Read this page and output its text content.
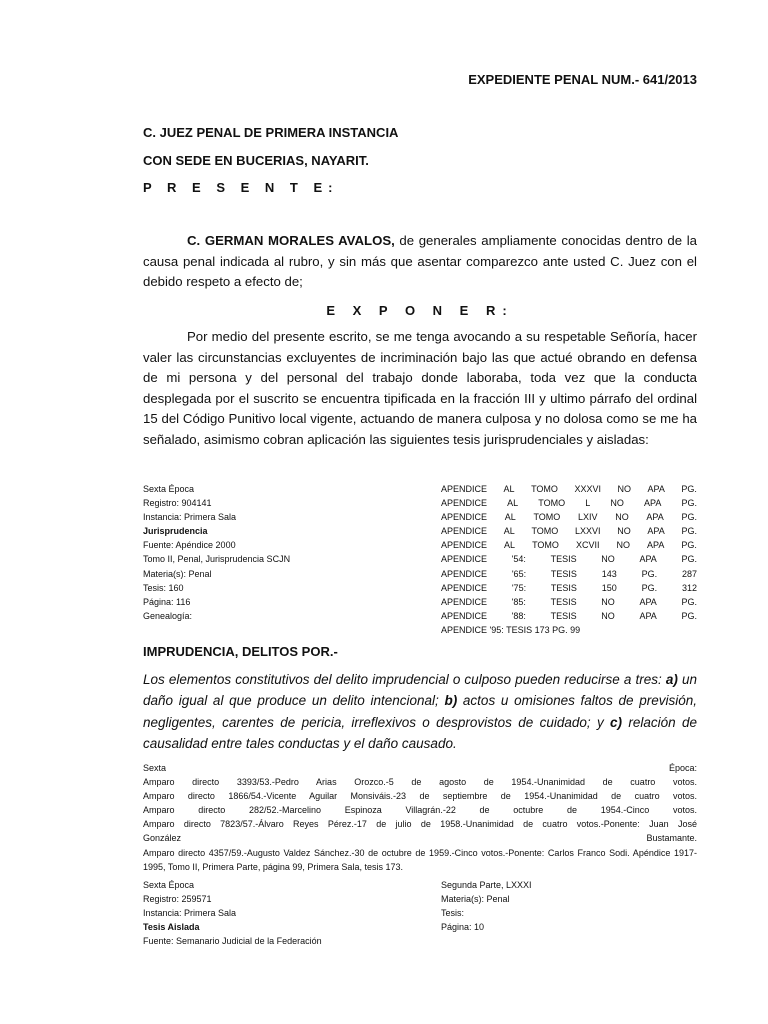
EXPEDIENTE PENAL NUM.- 641/2013
C. JUEZ PENAL DE PRIMERA INSTANCIA
CON SEDE EN BUCERIAS, NAYARIT.
P R E S E N T E:
C. GERMAN MORALES AVALOS, de generales ampliamente conocidas dentro de la causa penal indicada al rubro, y sin más que asentar comparezco ante usted C. Juez con el debido respeto a efecto de;
E X P O N E R:
Por medio del presente escrito, se me tenga avocando a su respetable Señoría, hacer valer las circunstancias excluyentes de incriminación bajo las que actué obrando en defensa de mi persona y del personal del trabajo donde laboraba, toda vez que la conducta desplegada por el suscrito se encuentra tipificada en la fracción III y ultimo párrafo del ordinal 15 del Código Punitivo local vigente, actuando de manera culposa y no dolosa como se me ha señalado, asimismo cobran aplicación las siguientes tesis jurisprudenciales y aisladas:
Sexta Época
Registro: 904141
Instancia: Primera Sala
Jurisprudencia
Fuente: Apéndice 2000
Tomo II, Penal, Jurisprudencia SCJN
Materia(s): Penal
Tesis: 160
Página: 116
Genealogía:
APENDICE AL TOMO XXXVI NO APA PG.
APENDICE AL TOMO L NO APA PG.
APENDICE AL TOMO LXIV NO APA PG.
APENDICE AL TOMO LXXVI NO APA PG.
APENDICE AL TOMO XCVII NO APA PG.
APENDICE	'54:	TESIS	NO	APA	PG.
APENDICE	'65:	TESIS	143	PG.	287
APENDICE	'75:	TESIS	150	PG.	312
APENDICE	'85:	TESIS	NO	APA	PG.
APENDICE	'88:	TESIS	NO	APA	PG.
APENDICE '95: TESIS 173 PG. 99
IMPRUDENCIA, DELITOS POR.-
Los elementos constitutivos del delito imprudencial o culposo pueden reducirse a tres: a) un daño igual al que produce un delito intencional; b) actos u omisiones faltos de previsión, negligentes, carentes de pericia, irreflexivos o desprovistos de cuidado; y c) relación de causalidad entre tales conductas y el daño causado.
Sexta	Época:
Amparo directo 3393/53.-Pedro Arias Orozco.-5 de agosto de 1954.-Unanimidad de cuatro votos.
Amparo directo 1866/54.-Vicente Aguilar Monsiváis.-23 de septiembre de 1954.-Unanimidad de cuatro votos.
Amparo directo 282/52.-Marcelino Espinoza Villagrán.-22 de octubre de 1954.-Cinco votos.
Amparo directo 7823/57.-Álvaro Reyes Pérez.-17 de julio de 1958.-Unanimidad de cuatro votos.-Ponente: Juan José
González	Bustamante.
Amparo directo 4357/59.-Augusto Valdez Sánchez.-30 de octubre de 1959.-Cinco votos.-Ponente: Carlos Franco Sodi. Apéndice 1917-1995, Tomo II, Primera Parte, página 99, Primera Sala, tesis 173.
Sexta Época
Registro: 259571
Instancia: Primera Sala
Tesis Aislada
Fuente: Semanario Judicial de la Federación
Segunda Parte, LXXXI
Materia(s): Penal
Tesis:
Página: 10
